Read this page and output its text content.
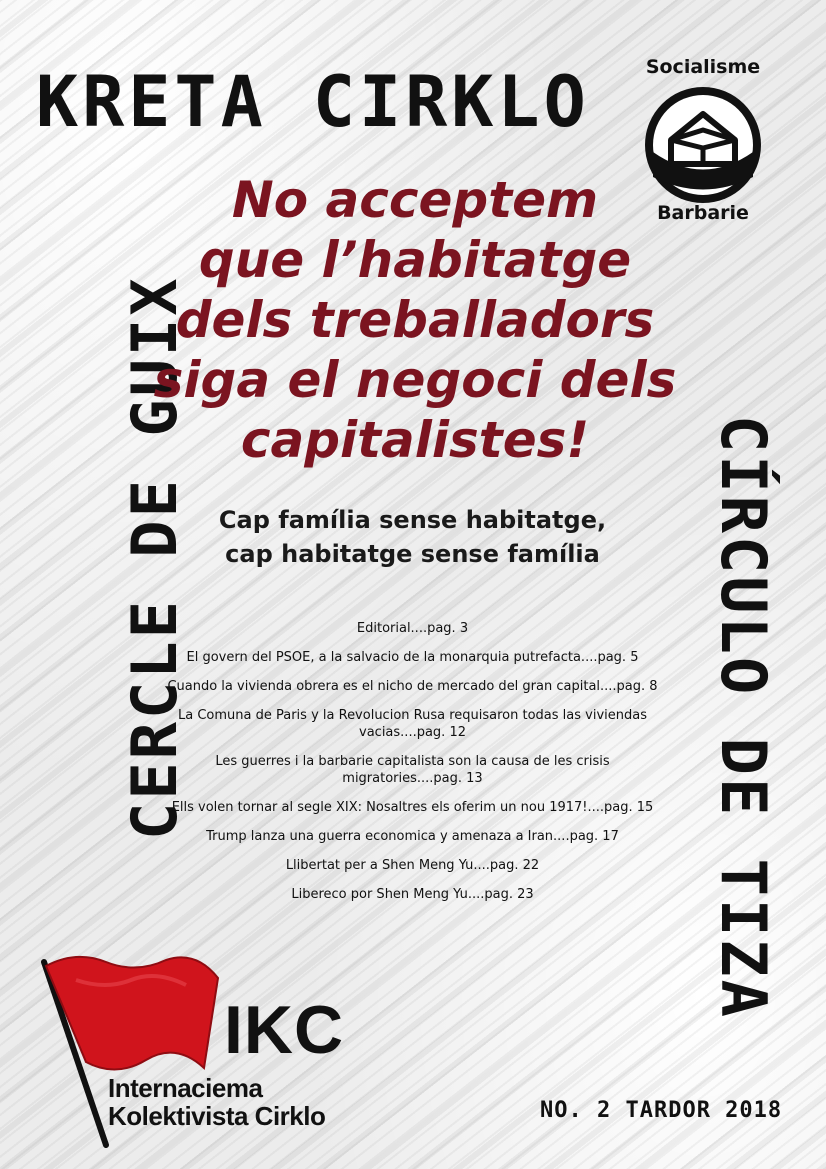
KRETA CIRKLO
CERCLE DE GUIX	CÍRCULO DE TIZA
Socialisme
Barbarie
No acceptem
que l’habitatge
dels treballadors
siga el negoci dels
capitalistes!
Cap família sense habitatge,
cap habitatge sense família
Editorial....pag. 3
El govern del PSOE, a la salvacio de la monarquia putrefacta....pag. 5
Cuando la vivienda obrera es el nicho de mercado del gran capital....pag. 8
La Comuna de Paris y la Revolucion Rusa requisaron todas las viviendas vacias....pag. 12
Les guerres i la barbarie capitalista son la causa de les crisis migratories....pag. 13
Ells volen tornar al segle XIX: Nosaltres els oferim un nou 1917!....pag. 15
Trump lanza una guerra economica y amenaza a Iran....pag. 17
Llibertat per a Shen Meng Yu....pag. 22
Libereco por Shen Meng Yu....pag. 23
IKC
Internaciema
Kolektivista Cirklo	NO. 2 TARDOR 2018
